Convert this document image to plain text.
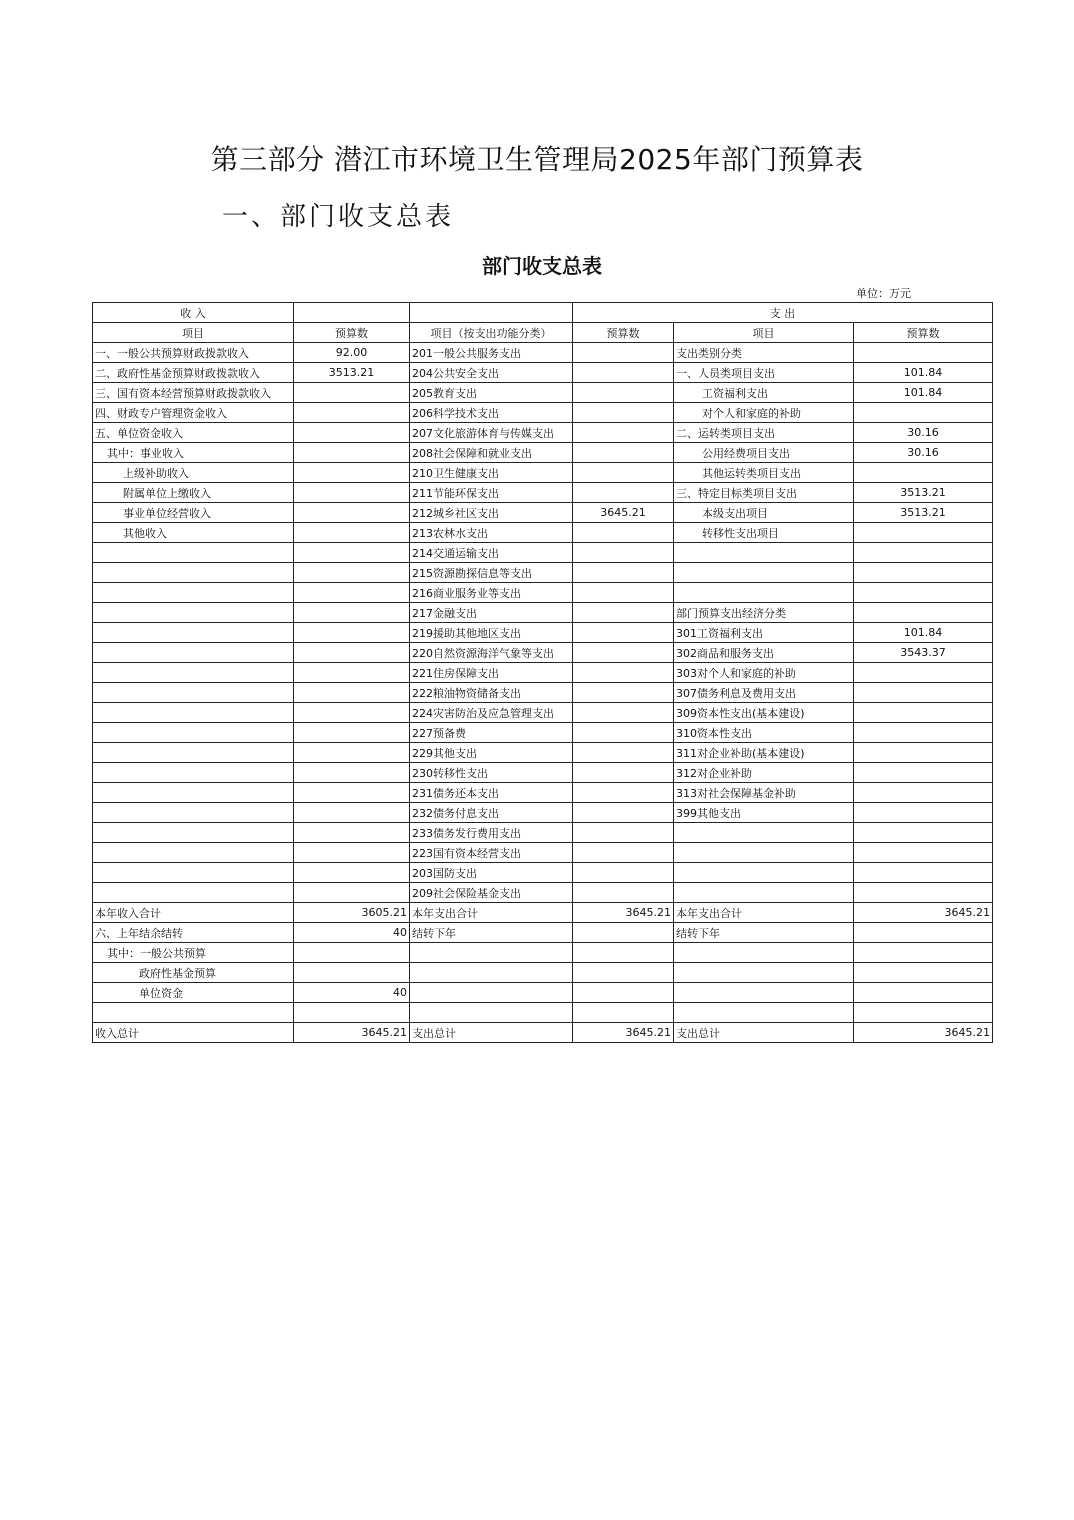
第三部分 潜江市环境卫生管理局2025年部门预算表
一、部门收支总表
部门收支总表
单位：万元
收 入			支 出		
项目	预算数	项目（按支出功能分类）	预算数	项目	预算数
一、一般公共预算财政拨款收入	92.00	201一般公共服务支出		支出类别分类	
二、政府性基金预算财政拨款收入	3513.21	204公共安全支出		一、人员类项目支出	101.84
三、国有资本经营预算财政拨款收入		205教育支出		工资福利支出	101.84
四、财政专户管理资金收入		206科学技术支出		对个人和家庭的补助	
五、单位资金收入		207文化旅游体育与传媒支出		二、运转类项目支出	30.16
其中：事业收入		208社会保障和就业支出		公用经费项目支出	30.16
上级补助收入		210卫生健康支出		其他运转类项目支出	
附属单位上缴收入		211节能环保支出		三、特定目标类项目支出	3513.21
事业单位经营收入		212城乡社区支出	3645.21	本级支出项目	3513.21
其他收入		213农林水支出		转移性支出项目	
		214交通运输支出			
		215资源勘探信息等支出			
		216商业服务业等支出			
		217金融支出		部门预算支出经济分类	
		219援助其他地区支出		301工资福利支出	101.84
		220自然资源海洋气象等支出		302商品和服务支出	3543.37
		221住房保障支出		303对个人和家庭的补助	
		222粮油物资储备支出		307债务利息及费用支出	
		224灾害防治及应急管理支出		309资本性支出(基本建设)	
		227预备费		310资本性支出	
		229其他支出		311对企业补助(基本建设)	
		230转移性支出		312对企业补助	
		231债务还本支出		313对社会保障基金补助	
		232债务付息支出		399其他支出	
		233债务发行费用支出			
		223国有资本经营支出			
		203国防支出			
		209社会保险基金支出			
本年收入合计	3605.21	本年支出合计	3645.21	本年支出合计	3645.21
六、上年结余结转	40	结转下年		结转下年	
其中：一般公共预算					
政府性基金预算					
单位资金	40				

收入总计	3645.21	支出总计	3645.21	支出总计	3645.21
